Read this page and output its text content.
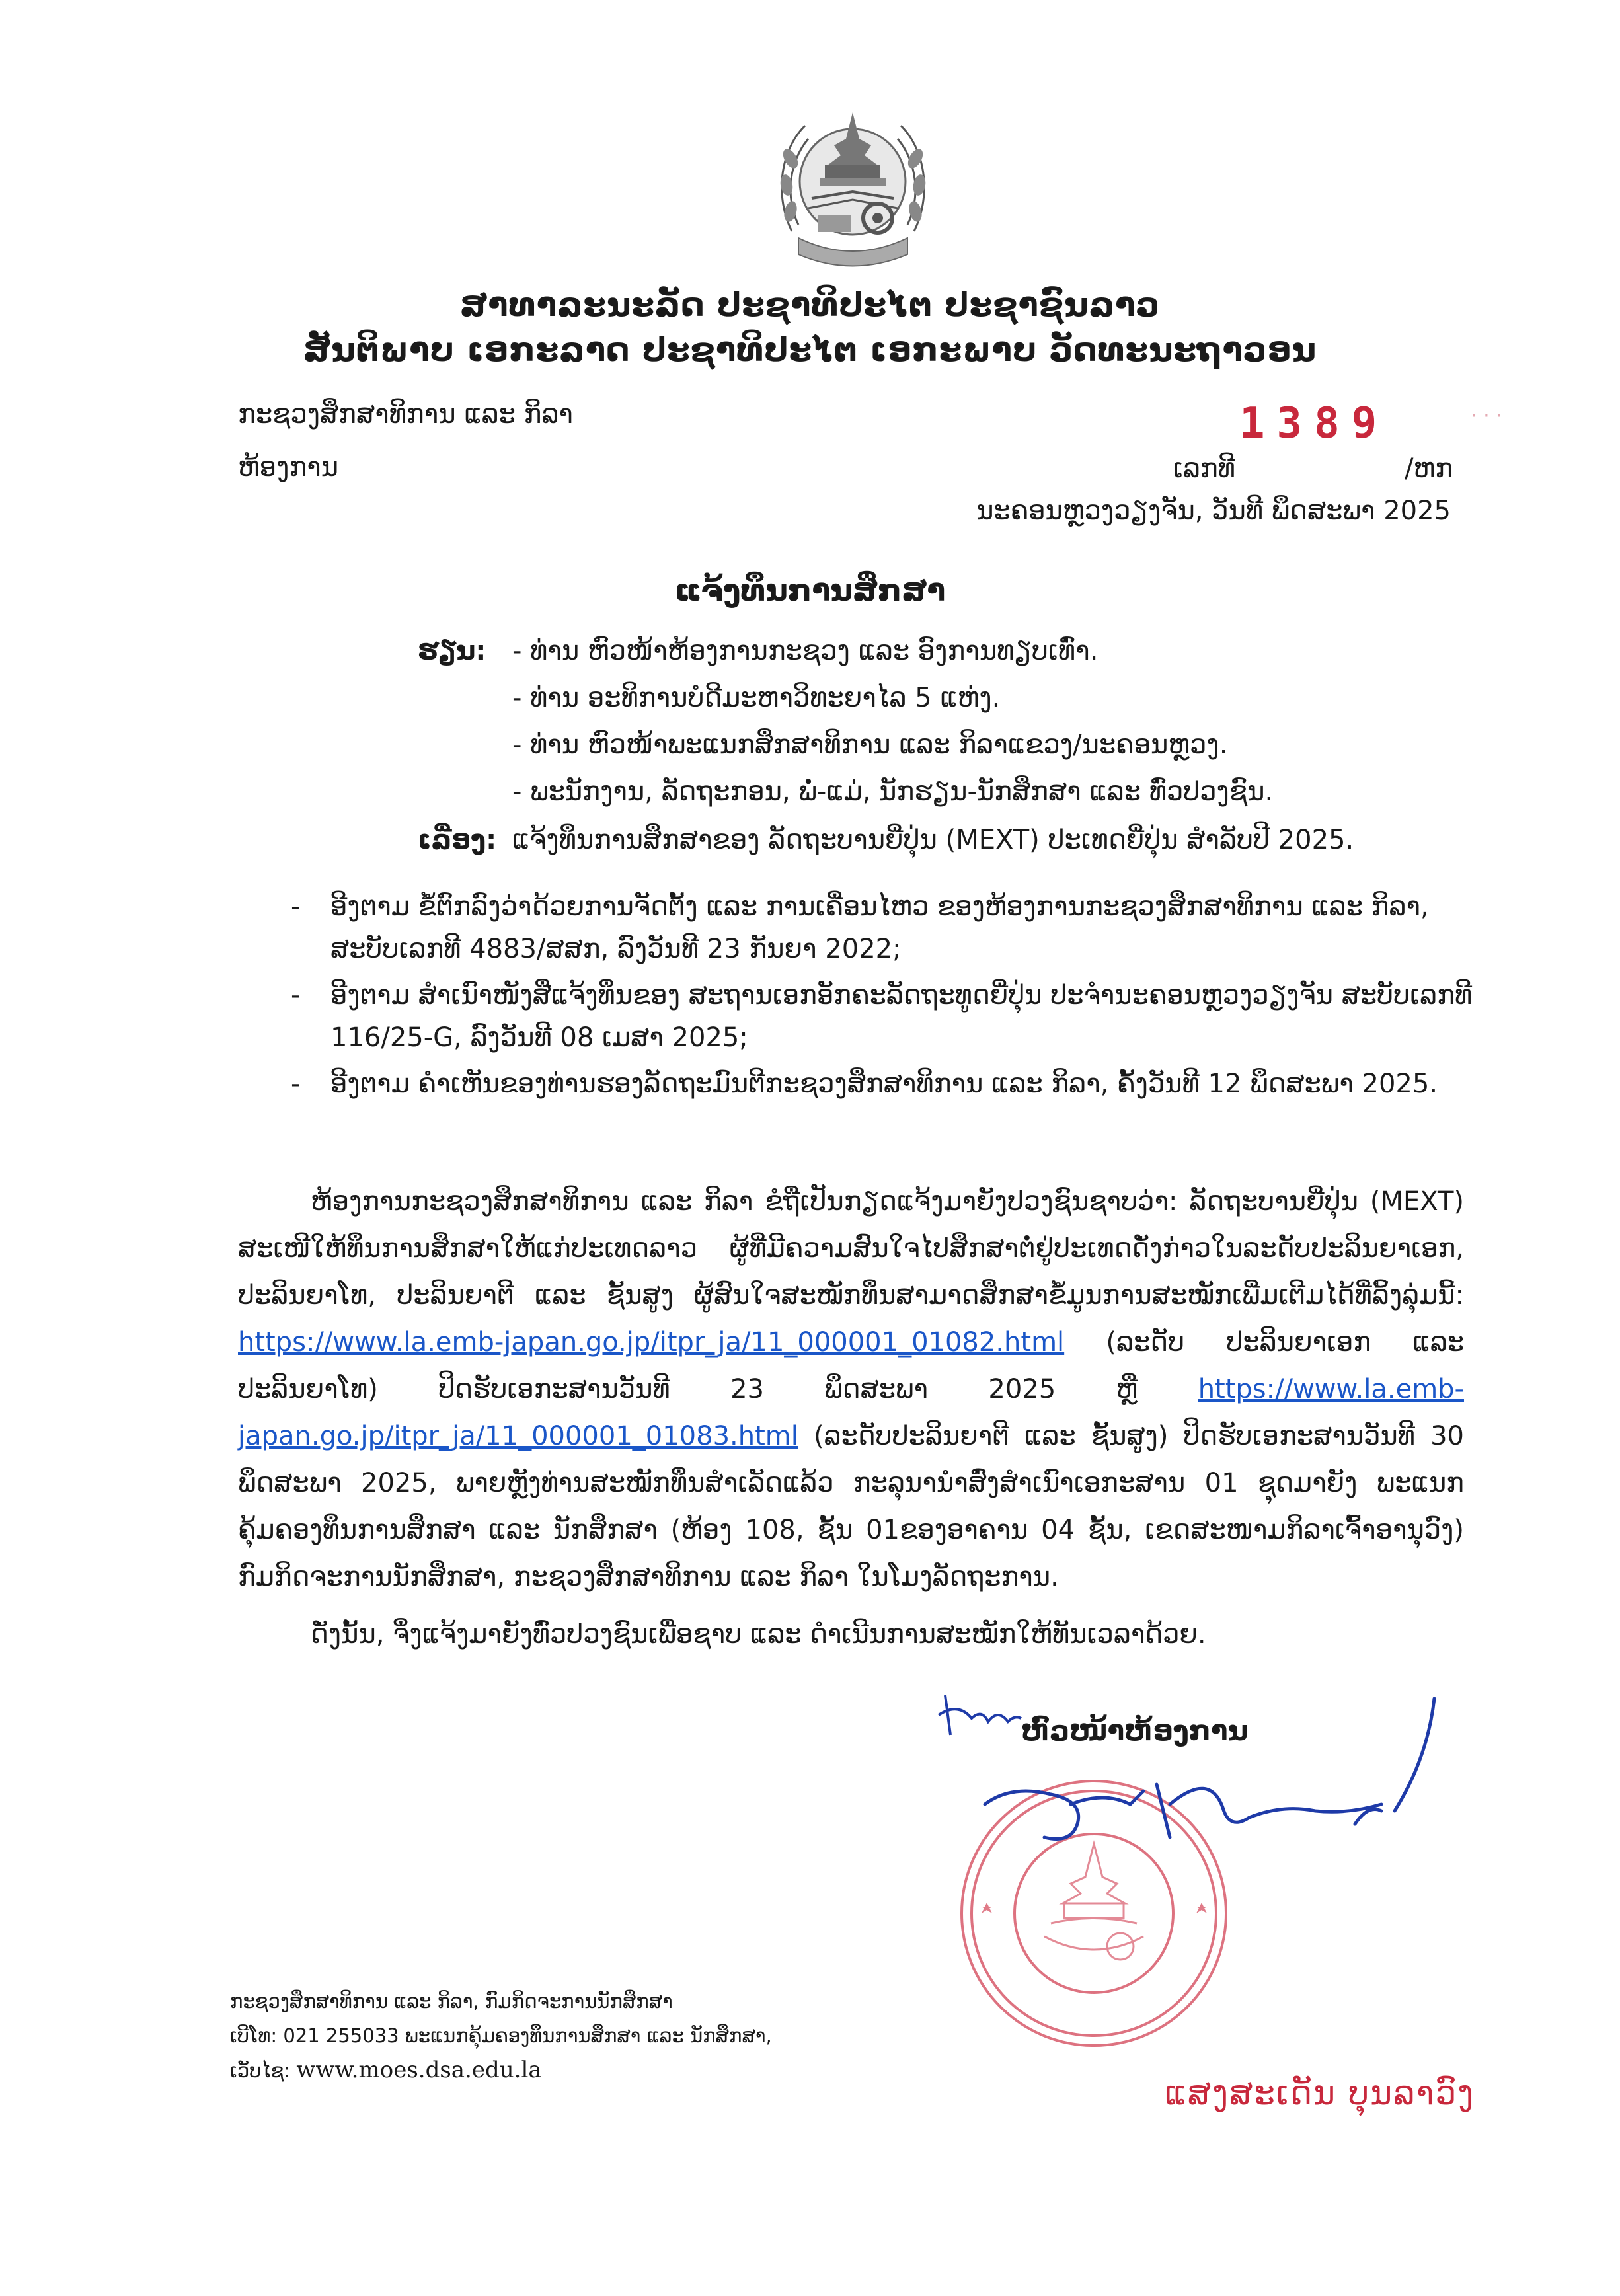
ສາທາລະນະລັດ ປະຊາທິປະໄຕ ປະຊາຊົນລາວ
ສັນຕິພາບ ເອກະລາດ ປະຊາທິປະໄຕ ເອກະພາບ ວັດທະນະຖາວອນ
ກະຊວງສຶກສາທິການ ແລະ ກິລາ
ຫ້ອງການ
1389	· · ·
ເລກທີ	/ຫກ
ນະຄອນຫຼວງວຽງຈັນ, ວັນທີ ພຶດສະພາ 2025
ແຈ້ງທຶນການສຶກສາ
ຮຽນ: - ທ່ານ ຫົວໜ້າຫ້ອງການກະຊວງ ແລະ ອົງການທຽບເທົ່າ.
- ທ່ານ ອະທິການບໍດີມະຫາວິທະຍາໄລ 5 ແຫ່ງ.
- ທ່ານ ຫົວໜ້າພະແນກສຶກສາທິການ ແລະ ກິລາແຂວງ/ນະຄອນຫຼວງ.
- ພະນັກງານ, ລັດຖະກອນ, ພໍ່-ແມ່, ນັກຮຽນ-ນັກສຶກສາ ແລະ ທົ່ວປວງຊົນ.
ເລື່ອງ: ແຈ້ງທຶນການສຶກສາຂອງ ລັດຖະບານຍີ່ປຸ່ນ (MEXT) ປະເທດຍີ່ປຸ່ນ ສຳລັບປີ 2025.
- ອີງຕາມ ຂໍ້ຕົກລົງວ່າດ້ວຍການຈັດຕັ້ງ ແລະ ການເຄື່ອນໄຫວ ຂອງຫ້ອງການກະຊວງສຶກສາທິການ ແລະ ກິລາ, ສະບັບເລກທີ 4883/ສສກ, ລົງວັນທີ 23 ກັນຍາ 2022;
- ອີງຕາມ ສຳເນົາໜັງສືແຈ້ງທຶນຂອງ ສະຖານເອກອັກຄະລັດຖະທູດຍີ່ປຸ່ນ ປະຈຳນະຄອນຫຼວງວຽງຈັນ ສະບັບເລກທີ 116/25-G, ລົງວັນທີ 08 ເມສາ 2025;
- ອີງຕາມ ຄຳເຫັນຂອງທ່ານຮອງລັດຖະມົນຕີກະຊວງສຶກສາທິການ ແລະ ກິລາ, ຄັ້ງວັນທີ 12 ພຶດສະພາ 2025.

ຫ້ອງການກະຊວງສຶກສາທິການ ແລະ ກິລາ ຂໍຖືເປັນກຽດແຈ້ງມາຍັງປວງຊົນຊາບວ່າ: ລັດຖະບານຍີ່ປຸ່ນ (MEXT) ສະເໜີໃຫ້ທຶນການສຶກສາໃຫ້ແກ່ປະເທດລາວ ຜູ້ທີ່ມີຄວາມສົນໃຈໄປສຶກສາຕໍ່ຢູ່ປະເທດດັ່ງກ່າວໃນລະດັບປະລິນຍາເອກ, ປະລິນຍາໂທ, ປະລິນຍາຕີ ແລະ ຊັ້ນສູງ ຜູ້ສົນໃຈສະໝັກທຶນສາມາດສຶກສາຂໍ້ມູນການສະໝັກເພີ່ມເຕີມໄດ້ທີ່ລິ້ງລຸ່ມນີ້: https://www.la.emb-japan.go.jp/itpr_ja/11_000001_01082.html (ລະດັບ ປະລິນຍາເອກ ແລະ ປະລິນຍາໂທ) ປິດຮັບເອກະສານວັນທີ 23 ພຶດສະພາ 2025 ຫຼື https://www.la.emb-japan.go.jp/itpr_ja/11_000001_01083.html (ລະດັບປະລິນຍາຕີ ແລະ ຊັ້ນສູງ) ປິດຮັບເອກະສານວັນທີ 30 ພຶດສະພາ 2025, ພາຍຫຼັງທ່ານສະໝັກທຶນສຳເລັດແລ້ວ ກະລຸນານຳສົ່ງສຳເນົາເອກະສານ 01 ຊຸດມາຍັງ ພະແນກຄຸ້ມຄອງທຶນການສຶກສາ ແລະ ນັກສຶກສາ (ຫ້ອງ 108, ຊັ້ນ 01ຂອງອາຄານ 04 ຊັ້ນ, ເຂດສະໜາມກິລາເຈົ້າອານຸວົງ) ກົມກິດຈະການນັກສຶກສາ, ກະຊວງສຶກສາທິການ ແລະ ກິລາ ໃນໂມງລັດຖະການ.

ດັ່ງນັ້ນ, ຈຶ່ງແຈ້ງມາຍັງທົ່ວປວງຊົນເພື່ອຊາບ ແລະ ດຳເນີນການສະໝັກໃຫ້ທັນເວລາດ້ວຍ.
ຫົວໜ້າຫ້ອງການ
ແສງສະເດັນ ບຸນລາວົງ
ກະຊວງສຶກສາທິການ ແລະ ກິລາ, ກົມກິດຈະການນັກສຶກສາ
ເບີໂທ: 021 255033 ພະແນກຄຸ້ມຄອງທຶນການສຶກສາ ແລະ ນັກສຶກສາ,
ເວັບໄຊ: www.moes.dsa.edu.la
